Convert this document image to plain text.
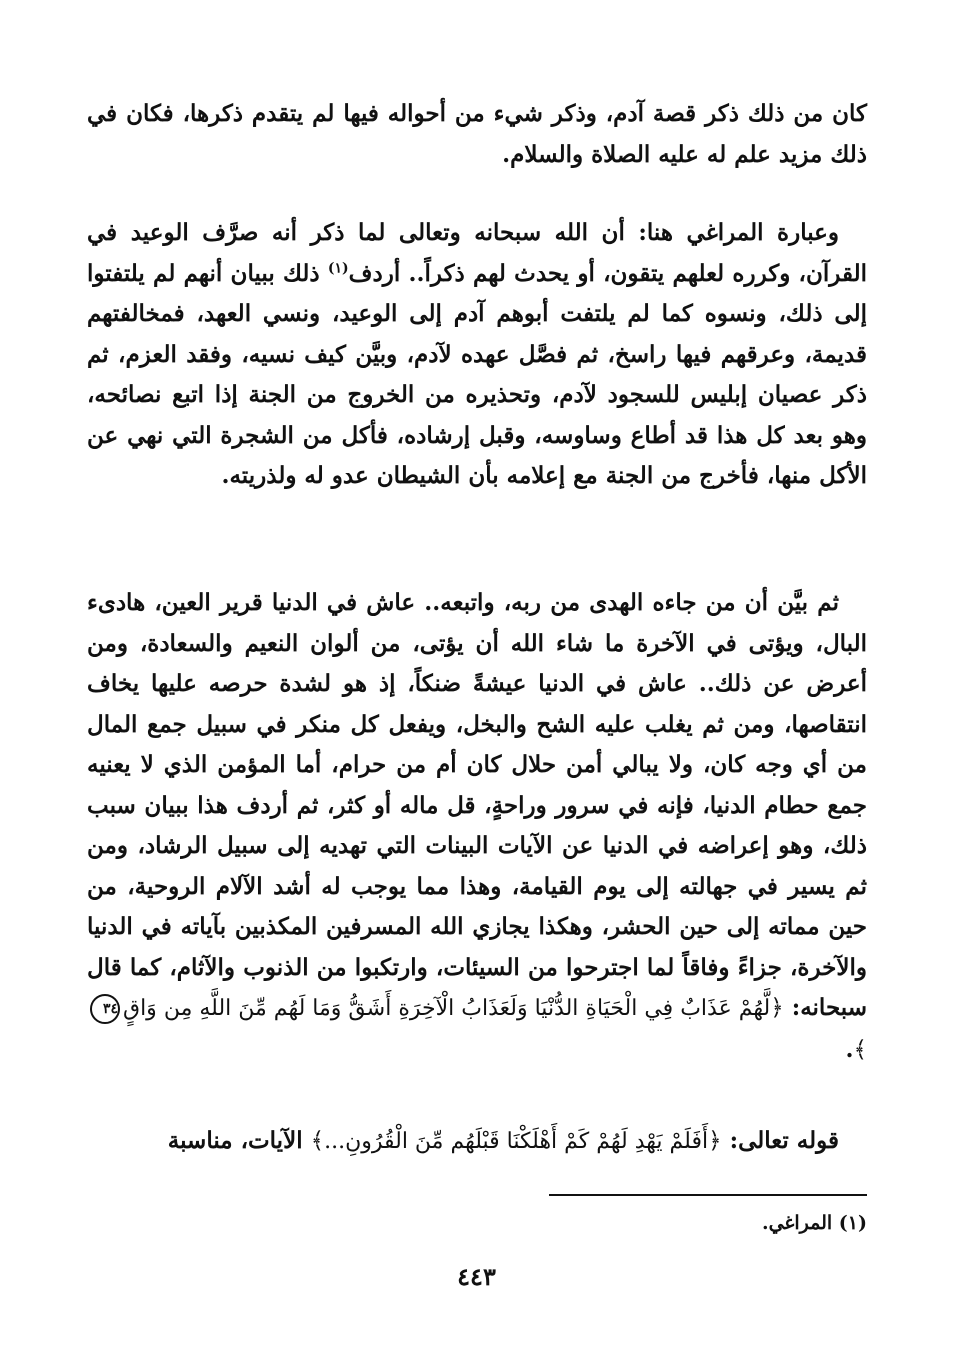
كان من ذلك ذكر قصة آدم، وذكر شيء من أحواله فيها لم يتقدم ذكرها، فكان في ذلك مزيد علم له عليه الصلاة والسلام.

وعبارة المراغي هنا: أن الله سبحانه وتعالى لما ذكر أنه صرَّف الوعيد في القرآن، وكرره لعلهم يتقون، أو يحدث لهم ذكراً.. أردف$^{(١)}$ ذلك ببيان أنهم لم يلتفتوا إلى ذلك، ونسوه كما لم يلتفت أبوهم آدم إلى الوعيد، ونسي العهد، فمخالفتهم قديمة، وعرقهم فيها راسخ، ثم فصَّل عهده لآدم، وبيَّن كيف نسيه، وفقد العزم، ثم ذكر عصيان إبليس للسجود لآدم، وتحذيره من الخروج من الجنة إذا اتبع نصائحه، وهو بعد كل هذا قد أطاع وساوسه، وقبل إرشاده، فأكل من الشجرة التي نهي عن الأكل منها، فأخرج من الجنة مع إعلامه بأن الشيطان عدو له ولذريته.

ثم بيَّن أن من جاءه الهدى من ربه، واتبعه.. عاش في الدنيا قرير العين، هادىء البال، ويؤتى في الآخرة ما شاء الله أن يؤتى، من ألوان النعيم والسعادة، ومن أعرض عن ذلك.. عاش في الدنيا عيشةً ضنكاً، إذ هو لشدة حرصه عليها يخاف انتقاصها، ومن ثم يغلب عليه الشح والبخل، ويفعل كل منكر في سبيل جمع المال من أي وجه كان، ولا يبالي أمن حلال كان أم من حرام، أما المؤمن الذي لا يعنيه جمع حطام الدنيا، فإنه في سرور وراحةٍ، قل ماله أو كثر، ثم أردف هذا ببيان سبب ذلك، وهو إعراضه في الدنيا عن الآيات البينات التي تهديه إلى سبيل الرشاد، ومن ثم يسير في جهالته إلى يوم القيامة، وهذا مما يوجب له أشد الآلام الروحية، من حين مماته إلى حين الحشر، وهكذا يجازي الله المسرفين المكذبين بآياته في الدنيا والآخرة، جزاءً وفاقاً لما اجترحوا من السيئات، وارتكبوا من الذنوب والآثام، كما قال سبحانه: ﴿لَّهُمْ عَذَابٌ فِي الْحَيَاةِ الدُّنْيَا وَلَعَذَابُ الْآخِرَةِ أَشَقُّ وَمَا لَهُم مِّنَ اللَّهِ مِن وَاقٍ٣٤﴾.

قوله تعالى: ﴿أَفَلَمْ يَهْدِ لَهُمْ كَمْ أَهْلَكْنَا قَبْلَهُم مِّنَ الْقُرُونِ...﴾ الآيات، مناسبة

(١) المراغي.
٤٤٣
